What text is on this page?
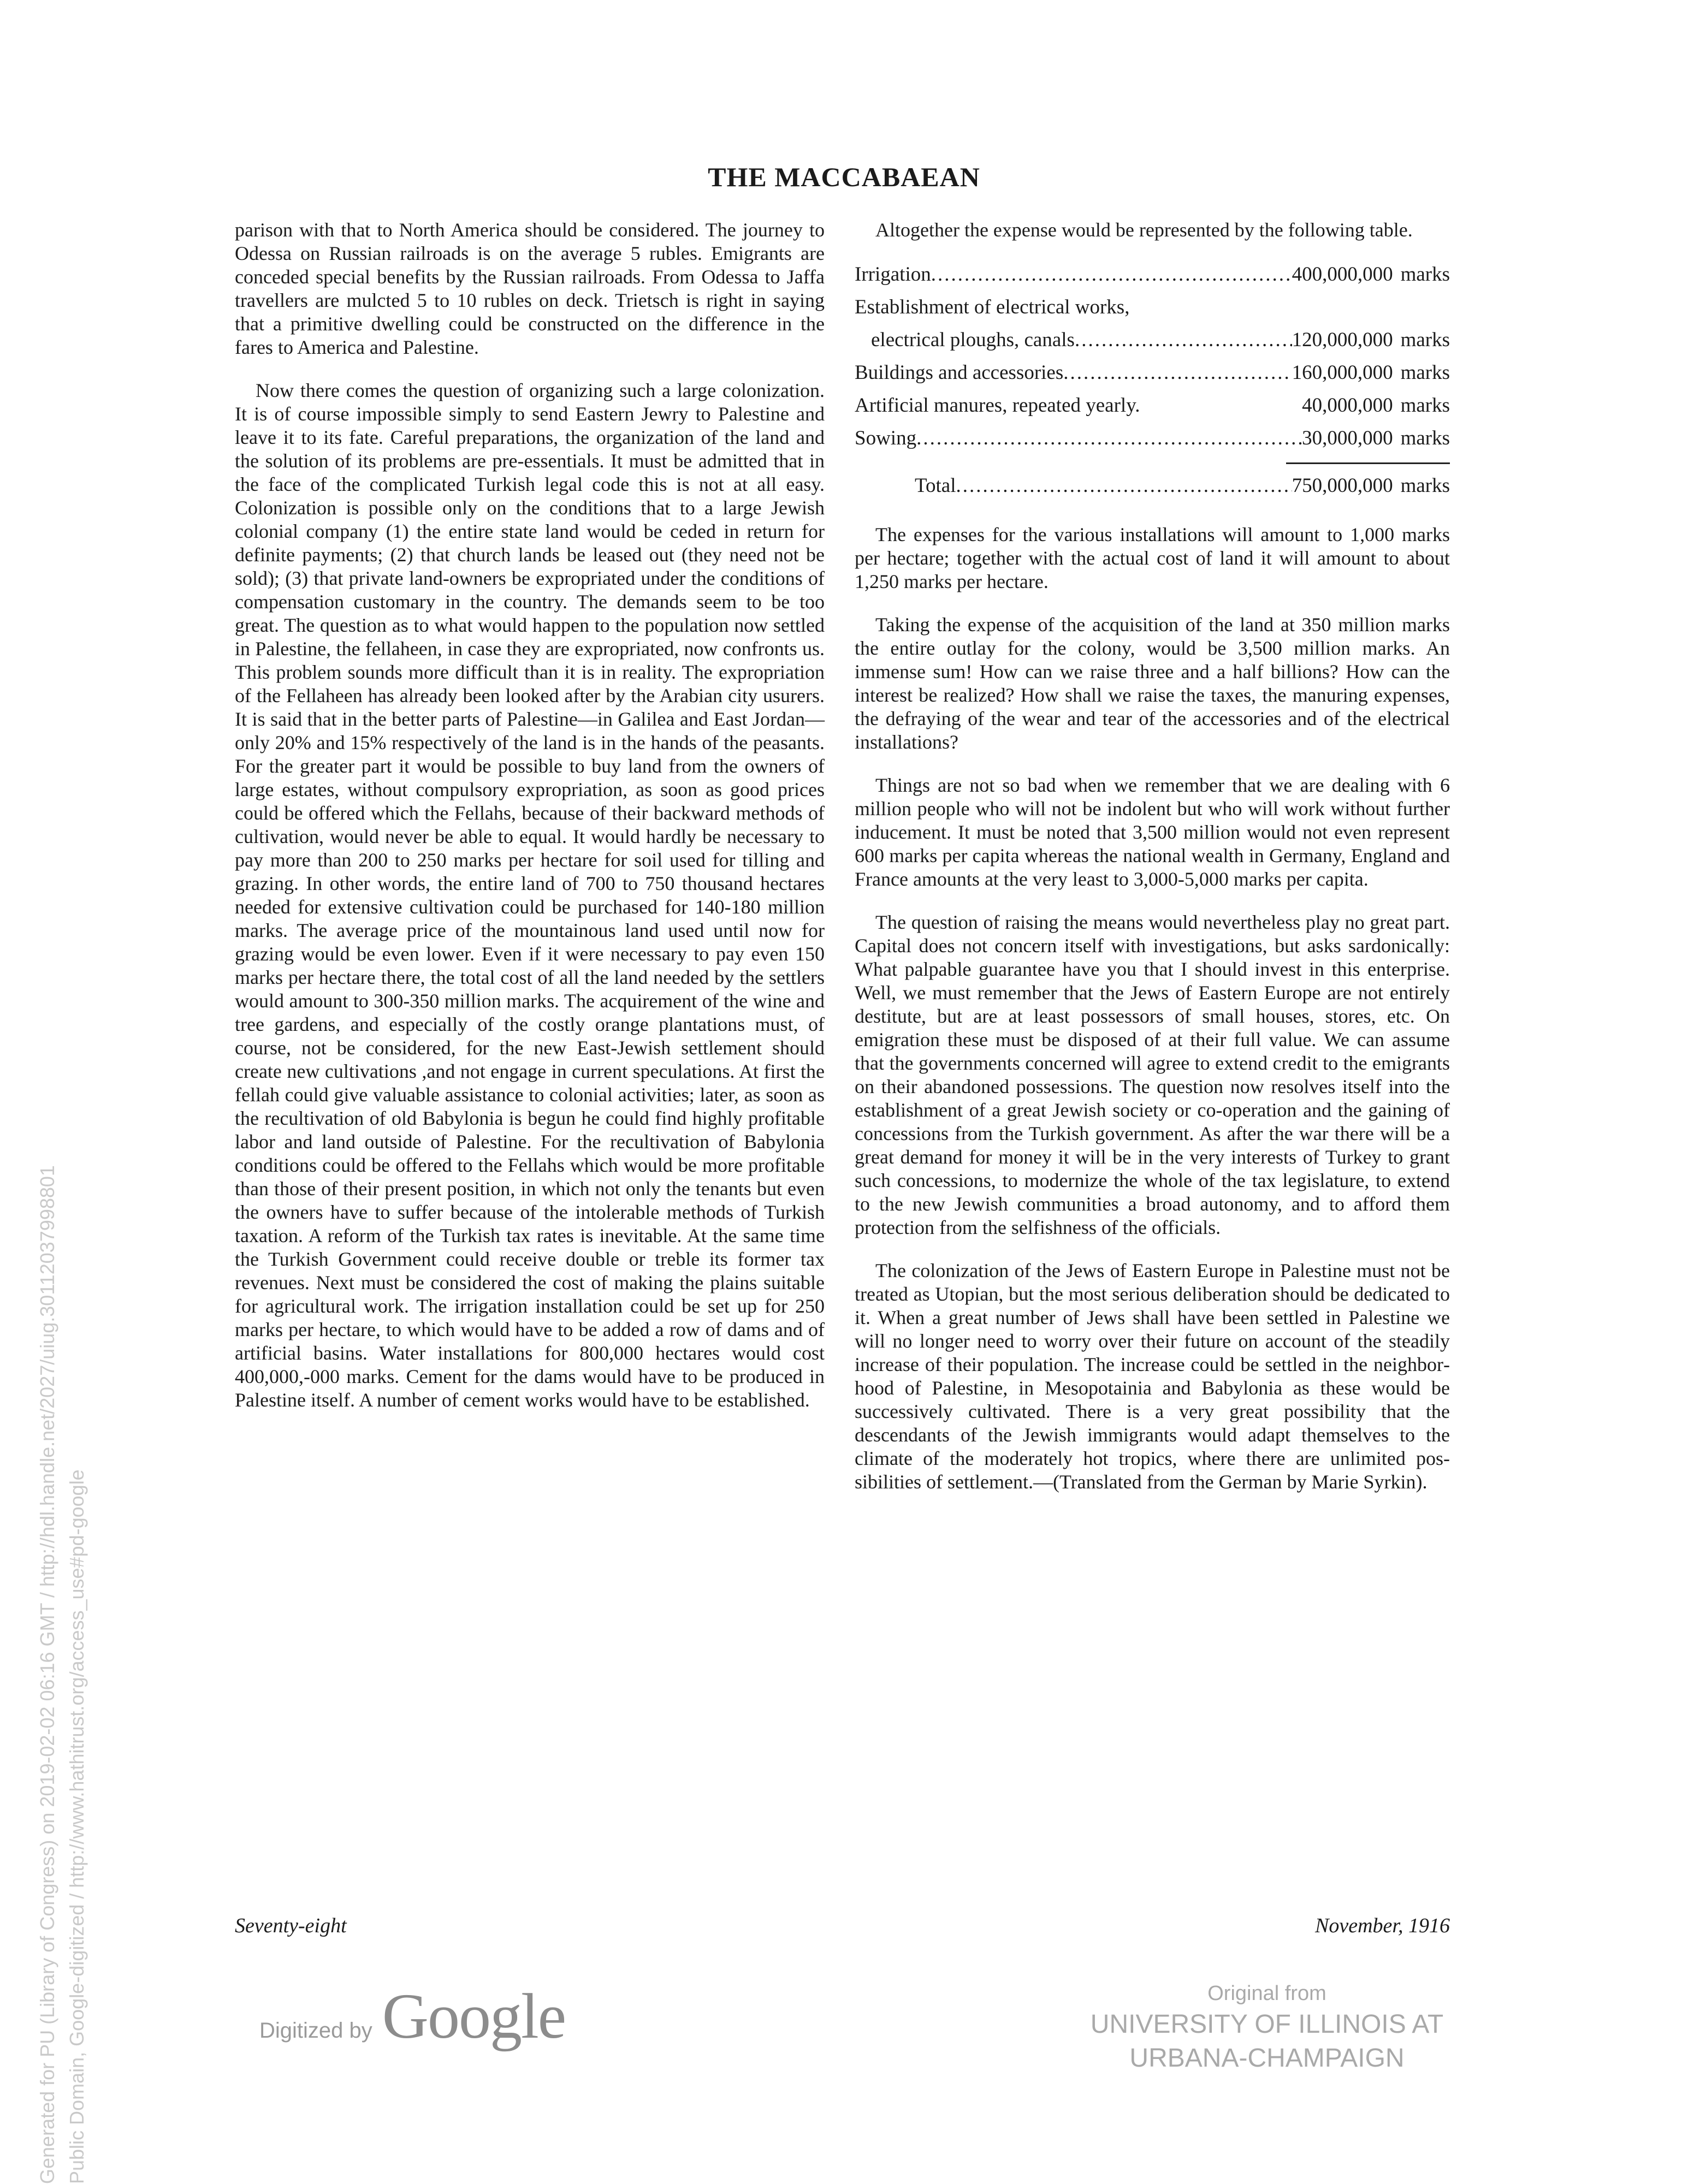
THE MACCABAEAN

parison with that to North America should be considered. The journey to Odessa on Russian railroads is on the average 5 rubles. Emigrants are conceded special benefits by the Russian railroads. From Odessa to Jaffa travellers are mulcted 5 to 10 rubles on deck. Trietsch is right in saying that a primitive dwelling could be constructed on the difference in the fares to America and Palestine.

Now there comes the question of organizing such a large colonization. It is of course impossible simply to send Eastern Jewry to Palestine and leave it to its fate. Careful preparations, the organization of the land and the solution of its problems are pre-essentials. It must be admitted that in the face of the complicated Turkish legal code this is not at all easy. Colonization is possible only on the conditions that to a large Jewish colonial company (1) the entire state land would be ceded in return for definite payments; (2) that church lands be leased out (they need not be sold); (3) that private land-owners be expropriated under the conditions of compensation customary in the country. The demands seem to be too great. The question as to what would happen to the population now settled in Palestine, the fellaheen, in case they are expropriated, now confronts us. This problem sounds more difficult than it is in reality. The expropriation of the Fellaheen has already been looked after by the Arabian city usurers. It is said that in the better parts of Palestine—in Galilea and East Jordan—only 20% and 15% respectively of the land is in the hands of the peasants. For the greater part it would be possible to buy land from the owners of large estates, without compulsory expropriation, as soon as good prices could be offered which the Fellahs, because of their backward methods of cultivation, would never be able to equal. It would hardly be necessary to pay more than 200 to 250 marks per hectare for soil used for tilling and grazing. In other words, the entire land of 700 to 750 thousand hectares needed for extensive cultivation could be purchased for 140-180 million marks. The average price of the mountainous land used until now for grazing would be even lower. Even if it were necessary to pay even 150 marks per hectare there, the total cost of all the land needed by the settlers would amount to 300-350 million marks. The acquirement of the wine and tree gardens, and especially of the costly orange plantations must, of course, not be considered, for the new East-Jewish settlement should create new cultivations ,and not engage in current speculations. At first the fellah could give valuable assistance to colonial activities; later, as soon as the recultivation of old Babylonia is begun he could find highly profitable labor and land outside of Palestine. For the recultivation of Babylonia conditions could be offered to the Fellahs which would be more profitable than those of their present position, in which not only the tenants but even the owners have to suffer because of the intolerable methods of Turkish taxation. A reform of the Turkish tax rates is inevitable. At the same time the Turkish Government could receive double or treble its former tax revenues. Next must be considered the cost of making the plains suitable for agricultural work. The irrigation installation could be set up for 250 marks per hectare, to which would have to be added a row of dams and of artificial basins. Water installations for 800,000 hectares would cost 400,000,-000 marks. Cement for the dams would have to be produced in Palestine itself. A number of cement works would have to be established.

Altogether the expense would be represented by the following table.

Irrigation .....	400,000,000 marks
Establishment of electrical works,
electrical ploughs, canals .....	120,000,000 marks
Buildings and accessories .....	160,000,000 marks
Artificial manures, repeated yearly.	40,000,000 marks
Sowing .....	30,000,000 marks
Total .....	750,000,000 marks

The expenses for the various installations will amount to 1,000 marks per hectare; together with the actual cost of land it will amount to about 1,250 marks per hectare.

Taking the expense of the acquisition of the land at 350 million marks the entire outlay for the colony, would be 3,500 million marks. An immense sum! How can we raise three and a half billions? How can the interest be realized? How shall we raise the taxes, the manuring expenses, the defraying of the wear and tear of the accessories and of the electrical installations?

Things are not so bad when we remember that we are dealing with 6 million people who will not be indolent but who will work without further inducement. It must be noted that 3,500 million would not even represent 600 marks per capita whereas the national wealth in Germany, England and France amounts at the very least to 3,000-5,000 marks per capita.

The question of raising the means would nevertheless play no great part. Capital does not concern itself with investigations, but asks sardonically: What palpable guarantee have you that I should invest in this enterprise. Well, we must remember that the Jews of Eastern Europe are not entirely destitute, but are at least possessors of small houses, stores, etc. On emigration these must be disposed of at their full value. We can assume that the governments concerned will agree to extend credit to the emigrants on their abandoned possessions. The question now resolves itself into the establishment of a great Jewish society or co-operation and the gaining of concessions from the Turkish government. As after the war there will be a great demand for money it will be in the very interests of Turkey to grant such concessions, to modernize the whole of the tax legislature, to extend to the new Jewish communities a broad autonomy, and to afford them protection from the selfishness of the officials.

The colonization of the Jews of Eastern Europe in Palestine must not be treated as Utopian, but the most serious deliberation should be dedicated to it. When a great number of Jews shall have been settled in Palestine we will no longer need to worry over their future on account of the steadily increase of their population. The increase could be settled in the neighborhood of Palestine, in Mesopotainia and Babylonia as these would be successively cultivated. There is a very great possibility that the descendants of the Jewish immigrants would adapt themselves to the climate of the moderately hot tropics, where there are unlimited possibilities of settlement.—(Translated from the German by Marie Syrkin).

Seventy-eight	November, 1916
Generated for PU (Library of Congress) on 2019-02-02 06:16 GMT / http://hdl.handle.net/2027/uiug.30112037998801 Public Domain, Google-digitized / http://www.hathitrust.org/access_use#pd-google	Digitized by Google	Original from
UNIVERSITY OF ILLINOIS AT
URBANA-CHAMPAIGN
